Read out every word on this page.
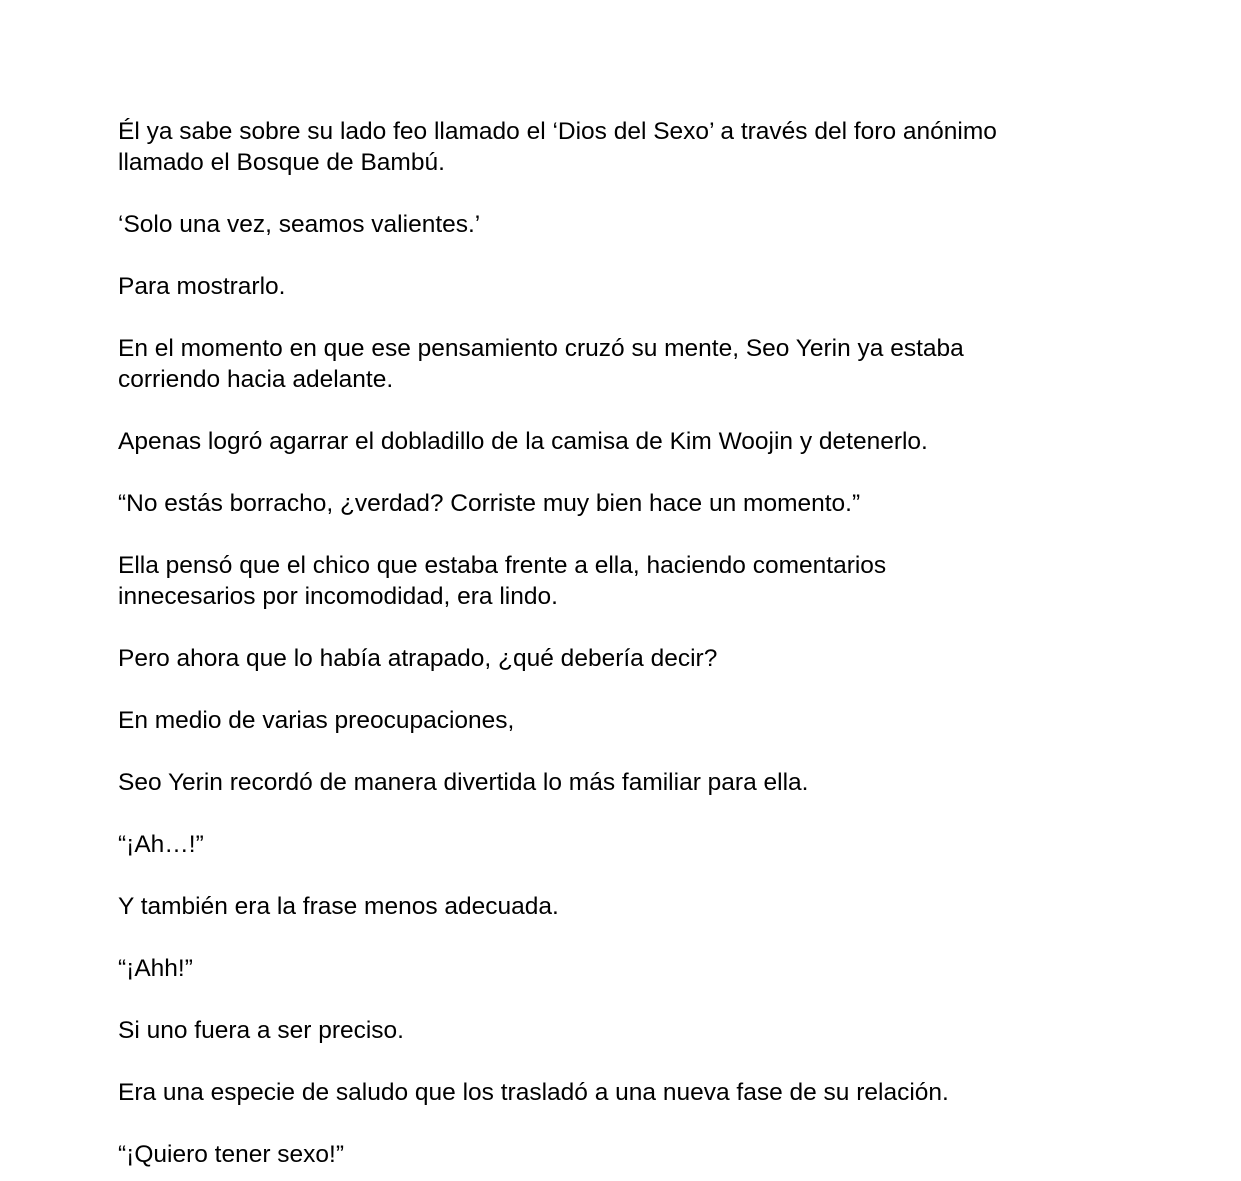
Él ya sabe sobre su lado feo llamado el ‘Dios del Sexo’ a través del foro anónimo
llamado el Bosque de Bambú.

‘Solo una vez, seamos valientes.’

Para mostrarlo.

En el momento en que ese pensamiento cruzó su mente, Seo Yerin ya estaba
corriendo hacia adelante.

Apenas logró agarrar el dobladillo de la camisa de Kim Woojin y detenerlo.

“No estás borracho, ¿verdad? Corriste muy bien hace un momento.”

Ella pensó que el chico que estaba frente a ella, haciendo comentarios
innecesarios por incomodidad, era lindo.

Pero ahora que lo había atrapado, ¿qué debería decir?

En medio de varias preocupaciones,

Seo Yerin recordó de manera divertida lo más familiar para ella.

“¡Ah…!”

Y también era la frase menos adecuada.

“¡Ahh!”

Si uno fuera a ser preciso.

Era una especie de saludo que los trasladó a una nueva fase de su relación.

“¡Quiero tener sexo!”
